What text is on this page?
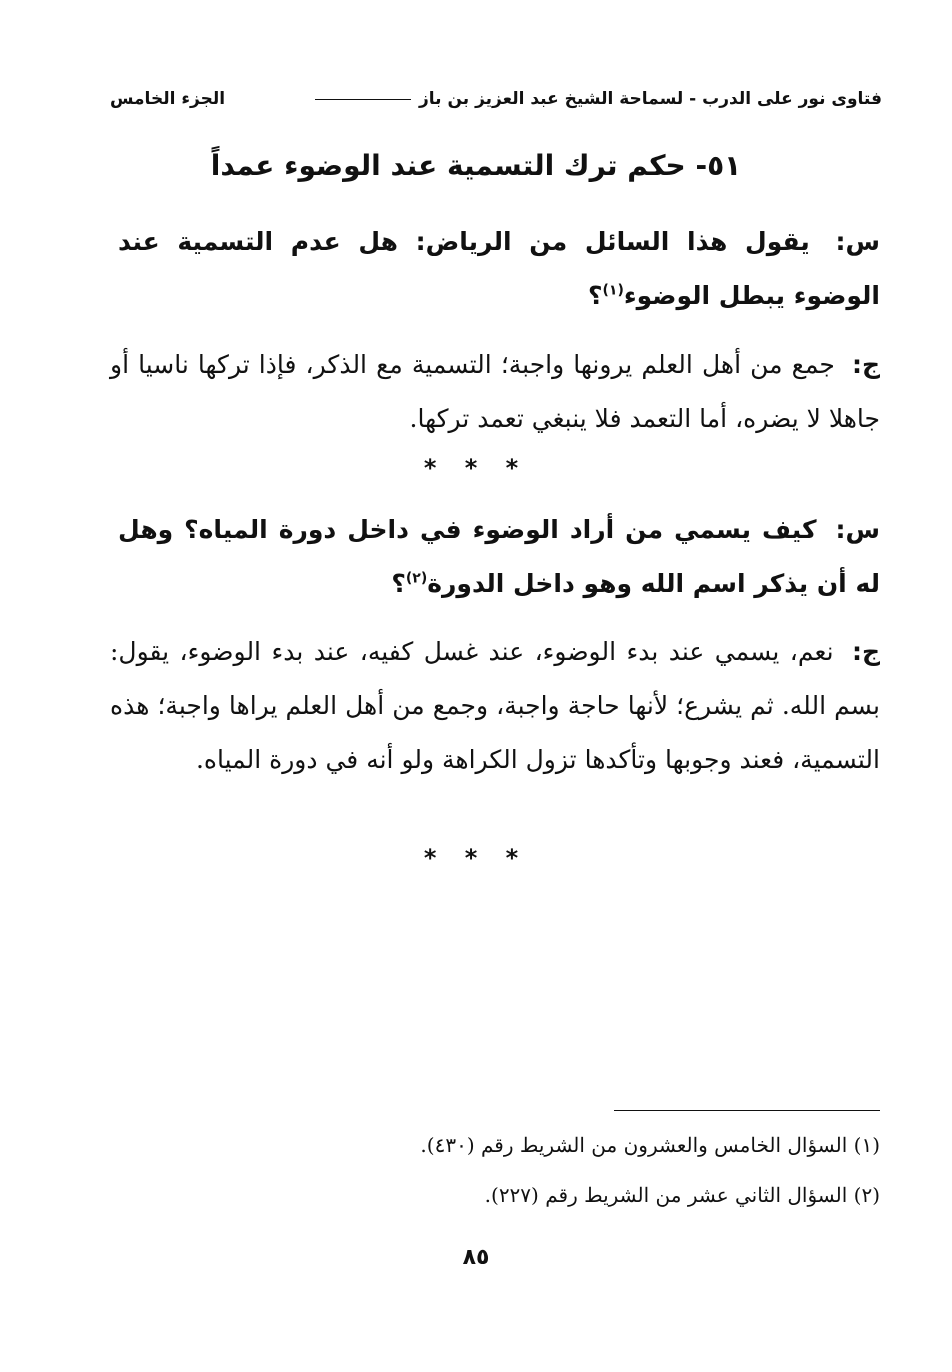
فتاوى نور على الدرب - لسماحة الشيخ عبد العزيز بن باز
الجزء الخامس
٥١- حكم ترك التسمية عند الوضوء عمداً
س: يقول هذا السائل من الرياض: هل عدم التسمية عند الوضوء يبطل الوضوء$^{(١)}$؟
ج: جمع من أهل العلم يرونها واجبة؛ التسمية مع الذكر، فإذا تركها ناسيا أو جاهلا لا يضره، أما التعمد فلا ينبغي تعمد تركها.
* * *
س: كيف يسمي من أراد الوضوء في داخل دورة المياه؟ وهل له أن يذكر اسم الله وهو داخل الدورة$^{(٢)}$؟
ج: نعم، يسمي عند بدء الوضوء، عند غسل كفيه، عند بدء الوضوء، يقول: بسم الله. ثم يشرع؛ لأنها حاجة واجبة، وجمع من أهل العلم يراها واجبة؛ هذه التسمية، فعند وجوبها وتأكدها تزول الكراهة ولو أنه في دورة المياه.
* * *
(١) السؤال الخامس والعشرون من الشريط رقم (٤٣٠).
(٢) السؤال الثاني عشر من الشريط رقم (٢٢٧).
٨٥
